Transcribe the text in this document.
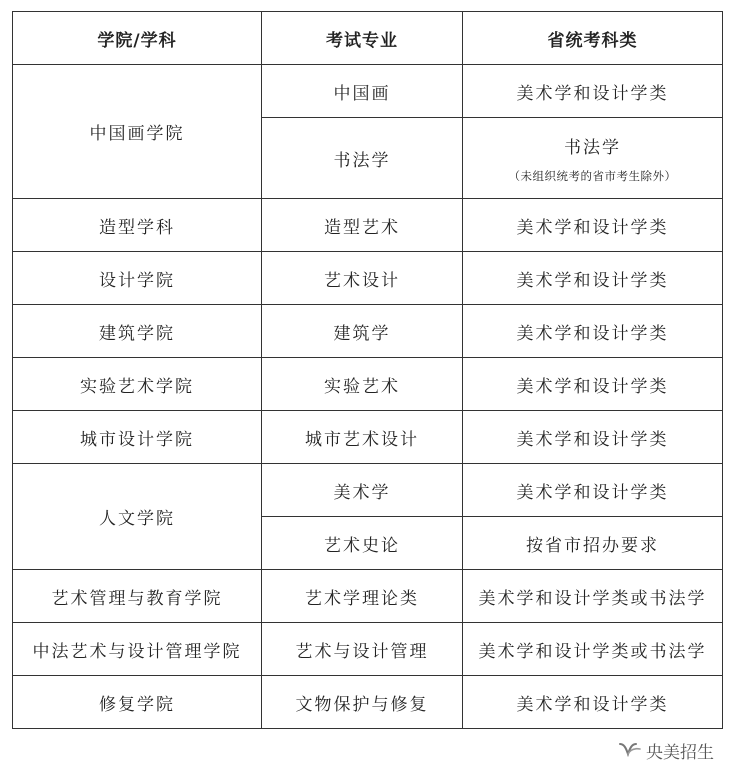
学院/学科	考试专业	省统考科类
中国画学院	中国画	美术学和设计学类
	书法学	书法学
（未组织统考的省市考生除外）

造型学科	造型艺术	美术学和设计学类
设计学院	艺术设计	美术学和设计学类
建筑学院	建筑学	美术学和设计学类
实验艺术学院	实验艺术	美术学和设计学类
城市设计学院	城市艺术设计	美术学和设计学类
人文学院	美术学	美术学和设计学类
	艺术史论	按省市招办要求
艺术管理与教育学院	艺术学理论类	美术学和设计学类或书法学
中法艺术与设计管理学院	艺术与设计管理	美术学和设计学类或书法学
修复学院	文物保护与修复	美术学和设计学类
央美招生
